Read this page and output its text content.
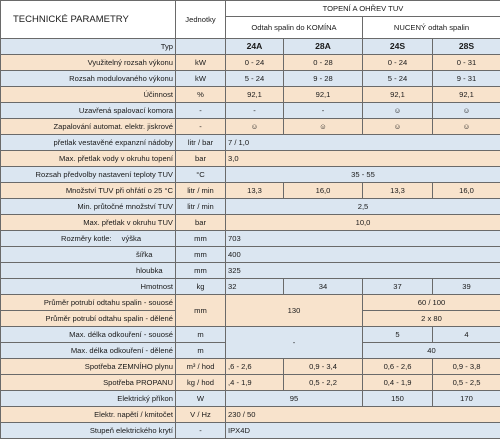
TECHNICKÉ PARAMETRY	Jednotky	TOPENÍ A OHŘEV TUV			
		Odtah spalin do KOMÍNA		NUCENÝ odtah spalin	
Typ		24A	28A	24S	28S
Využitelný rozsah výkonu	kW	0 - 24	0 - 28	0 - 24	0 - 31
Rozsah modulovaného výkonu	kW	5 - 24	9 - 28	5 - 24	9 - 31
Účinnost	%	92,1	92,1	92,1	92,1
Uzavřená spalovací komora	-	-	-	☺	☺
Zapalování automat. elektr. jiskrové	-	☺	☺	☺	☺
přetlak vestavěné expanzní nádoby	litr / bar	7 / 1,0			
Max. přetlak vody v okruhu topení	bar	3,0			
Rozsah předvolby nastavení teploty TUV	°C	35 - 55			
Množství TUV při ohřátí o 25 °C	litr / min	13,3	16,0	13,3	16,0
Min. průtočné množství TUV	litr / min	2,5			
Max. přetlak v okruhu TUV	bar	10,0			
Rozměry kotle: výška	mm	703			
šířka	mm	400			
hloubka	mm	325			
Hmotnost	kg	32	34	37	39
Průměr potrubí odtahu spalin - souosé	mm	130		60 / 100	
Průměr potrubí odtahu spalin - dělené				2 x 80	
Max. délka odkouření - souosé	m	-		5	4
Max. délka odkouření - dělené	m			40	
Spotřeba ZEMNÍHO plynu	m³ / hod	,6 - 2,6	0,9 - 3,4	0,6 - 2,6	0,9 - 3,8
Spotřeba PROPANU	kg / hod	,4 - 1,9	0,5 - 2,2	0,4 - 1,9	0,5 - 2,5
Elektrický příkon	W	95		150	170
Elektr. napětí / kmitočet	V / Hz	230 / 50			
Stupeň elektrického krytí	-	IPX4D			
